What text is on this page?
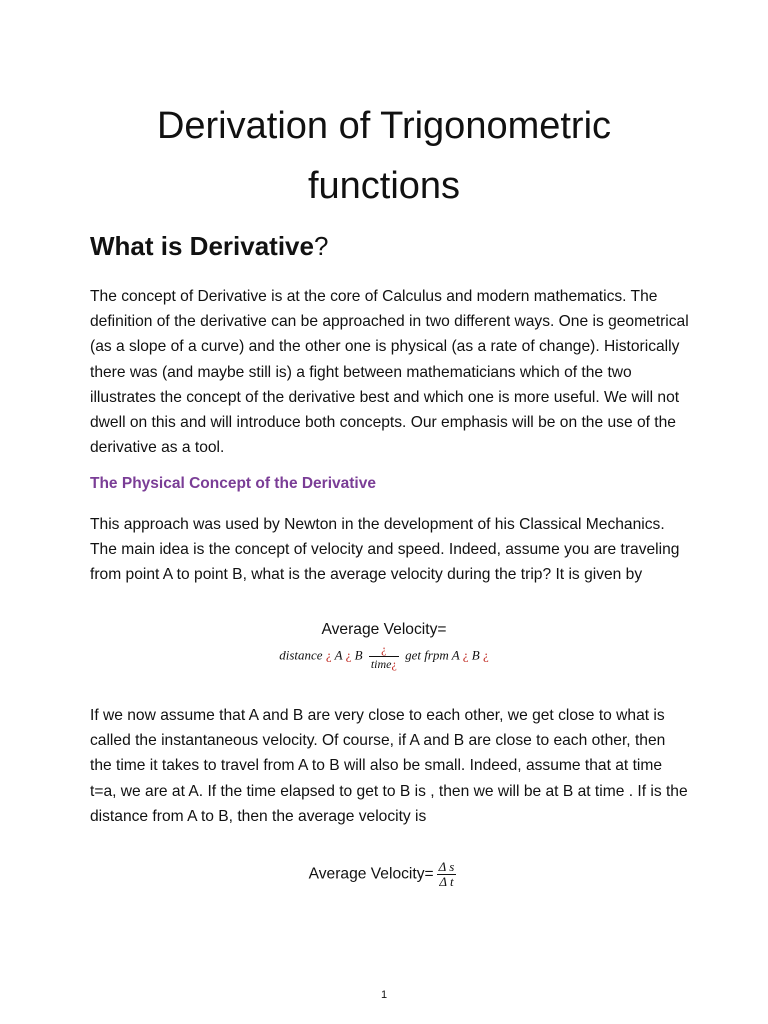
Derivation of Trigonometric
functions
What is Derivative?
The concept of Derivative is at the core of Calculus and modern mathematics. The definition of the derivative can be approached in two different ways. One is geometrical (as a slope of a curve) and the other one is physical (as a rate of change). Historically there was (and maybe still is) a fight between mathematicians which of the two illustrates the concept of the derivative best and which one is more useful. We will not dwell on this and will introduce both concepts. Our emphasis will be on the use of the derivative as a tool.
The Physical Concept of the Derivative
This approach was used by Newton in the development of his Classical Mechanics. The main idea is the concept of velocity and speed. Indeed, assume you are traveling from point A to point B, what is the average velocity during the trip? It is given by
Average Velocity=
distance ¿ A ¿ B $\frac{¿}{\text{time¿}}$ get frpm A ¿ B ¿
If we now assume that A and B are very close to each other, we get close to what is called the instantaneous velocity. Of course, if A and B are close to each other, then the time it takes to travel from A to B will also be small. Indeed, assume that at time t=a, we are at A. If the time elapsed to get to B is , then we will be at B at time . If is the distance from A to B, then the average velocity is
Average Velocity= $\frac{\text{Δ s}}{\text{Δ t}}$
1
